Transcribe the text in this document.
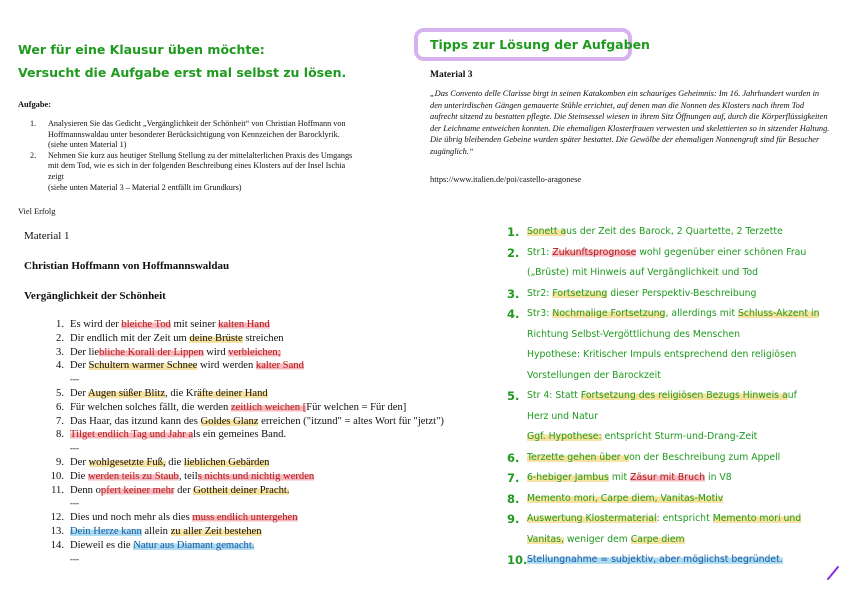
Wer für eine Klausur üben möchte:
Versucht die Aufgabe erst mal selbst zu lösen.
Tipps zur Lösung der Aufgaben
Material 3
„Das Convento delle Clarisse birgt in seinen Katakomben ein schauriges Geheimnis: Im 16. Jahrhundert wurden in den unterirdischen Gängen gemauerte Stühle errichtet, auf denen man die Nonnen des Klosters nach ihrem Tod aufrecht sitzend zu bestatten pflegte. Die Steinsessel wiesen in ihrem Sitz Öffnungen auf, durch die Körperflüssigkeiten der Leichname entweichen konnten. Die ehemaligen Klosterfrauen verwesten und skelettierten so in sitzender Haltung. Die übrig bleibenden Gebeine wurden später bestattet. Die Gewölbe der ehemaligen Nonnengruft sind für Besucher zugänglich.“
https://www.italien.de/poi/castello-aragonese
Aufgabe:
1. Analysieren Sie das Gedicht „Vergänglichkeit der Schönheit“ von Christian Hoffmann von
Hoffmannswaldau unter besonderer Berücksichtigung von Kennzeichen der Barocklyrik.
(siehe unten Material 1)
2. Nehmen Sie kurz aus heutiger Stellung Stellung zu der mittelalterlichen Praxis des Umgangs
mit dem Tod, wie es sich in der folgenden Beschreibung eines Klosters auf der Insel Ischia
zeigt
(siehe unten Material 3 – Material 2 entfällt im Grundkurs)
Viel Erfolg
Material 1
Christian Hoffmann von Hoffmannswaldau
Vergänglichkeit der Schönheit
1. Es wird der bleiche Tod mit seiner kalten Hand
2. Dir endlich mit der Zeit um deine Brüste streichen
3. Der liebliche Korall der Lippen wird verbleichen;
4. Der Schultern warmer Schnee wird werden kalter Sand
---
5. Der Augen süßer Blitz, die Kräfte deiner Hand
6. Für welchen solches fällt, die werden zeitlich weichen [Für welchen = Für den]
7. Das Haar, das itzund kann des Goldes Glanz erreichen ("itzund" = altes Wort für "jetzt")
8. Tilget endlich Tag und Jahr als ein gemeines Band.
---
9. Der wohlgesetzte Fuß, die lieblichen Gebärden
10. Die werden teils zu Staub, teils nichts und nichtig werden
11. Denn opfert keiner mehr der Gottheit deiner Pracht.
---
12. Dies und noch mehr als dies muss endlich untergehen
13. Dein Herze kann allein zu aller Zeit bestehen
14. Dieweil es die Natur aus Diamant gemacht.
---
1. Sonett aus der Zeit des Barock, 2 Quartette, 2 Terzette
2. Str1: Zukunftsprognose wohl gegenüber einer schönen Frau
(„Brüste) mit Hinweis auf Vergänglichkeit und Tod
3. Str2: Fortsetzung dieser Perspektiv-Beschreibung
4. Str3: Nochmalige Fortsetzung, allerdings mit Schluss-Akzent in
Richtung Selbst-Vergöttlichung des Menschen
Hypothese: Kritischer Impuls entsprechend den religiösen
Vorstellungen der Barockzeit
5. Str 4: Statt Fortsetzung des religiösen Bezugs Hinweis auf
Herz und Natur
Ggf. Hypothese: entspricht Sturm-und-Drang-Zeit
6. Terzette gehen über von der Beschreibung zum Appell
7. 6-hebiger Jambus mit Zäsur mit Bruch in V8
8. Memento mori, Carpe diem, Vanitas-Motiv
9. Auswertung Klostermaterial: entspricht Memento mori und
Vanitas, weniger dem Carpe diem
10. Stellungnahme = subjektiv, aber möglichst begründet.
